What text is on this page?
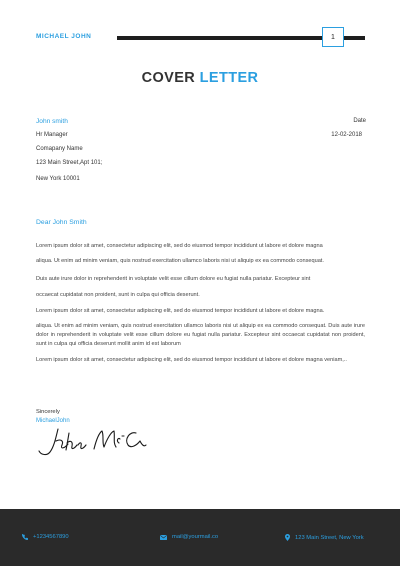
MICHAEL JOHN	1
COVER LETTER
John smith
Hr Manager
Comapany Name
123 Main Street,Apt 101;
New York 10001
Date
12-02-2018
Dear John Smith
Lorem ipsum dolor sit amet, consectetur adipiscing elit, sed do eiusmod tempor incididunt ut labore et dolore magna
aliqua. Ut enim ad minim veniam, quis nostrud exercitation ullamco laboris nisi ut aliquip ex ea commodo consequat.
Duis aute irure dolor in reprehenderit in voluptate velit esse cillum dolore eu fugiat nulla pariatur. Excepteur sint
occaecat cupidatat non proident, sunt in culpa qui officia deserunt.
Lorem ipsum dolor sit amet, consectetur adipiscing elit, sed do eiusmod tempor incididunt ut labore et dolore magna.
aliqua. Ut enim ad minim veniam, quis nostrud exercitation ullamco laboris nisi ut aliquip ex ea commodo consequat. Duis aute irure dolor in reprehenderit in voluptate velit esse cillum dolore eu fugiat nulla pariatur. Excepteur sint occaecat cupidatat non proident, sunt in culpa qui officia deserunt mollit anim id est laborum
Lorem ipsum dolor sit amet, consectetur adipiscing elit, sed do eiusmod tempor incididunt ut labore et dolore magna veniam,..
Sincerely
MichaelJohn
+1234567890	mail@yourmail.co	123 Main Street, New York
